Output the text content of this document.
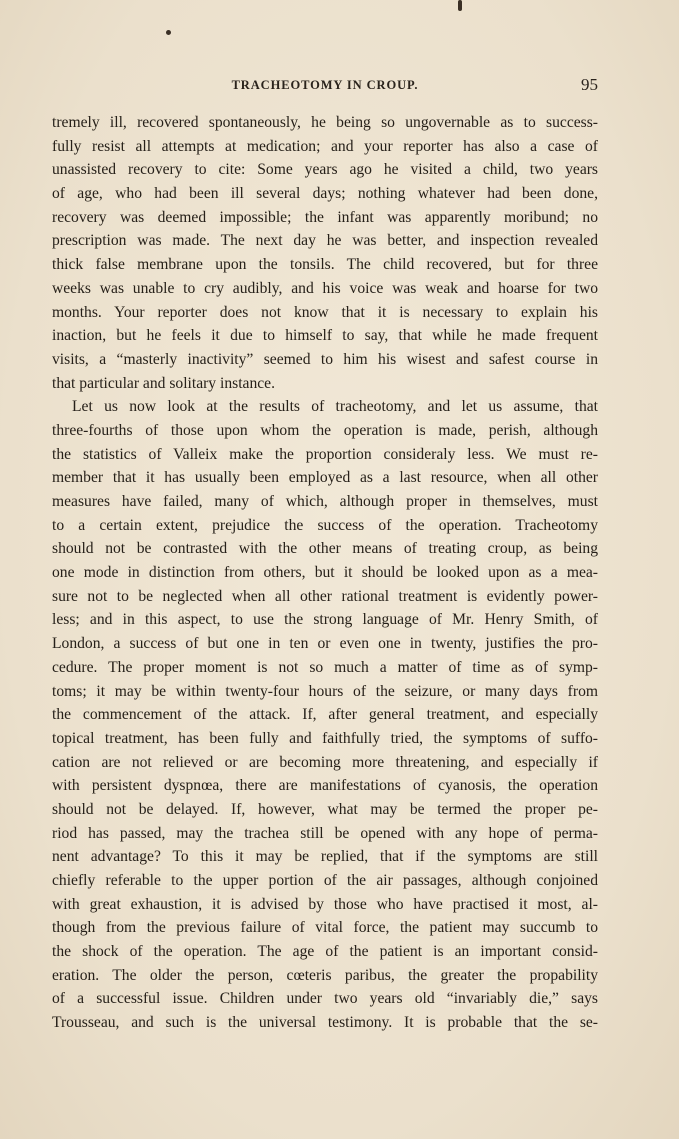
TRACHEOTOMY IN CROUP.	95
tremely ill, recovered spontaneously, he being so ungovernable as to success-
fully resist all attempts at medication; and your reporter has also a case of
unassisted recovery to cite: Some years ago he visited a child, two years
of age, who had been ill several days; nothing whatever had been done,
recovery was deemed impossible; the infant was apparently moribund; no
prescription was made. The next day he was better, and inspection revealed
thick false membrane upon the tonsils. The child recovered, but for three
weeks was unable to cry audibly, and his voice was weak and hoarse for two
months. Your reporter does not know that it is necessary to explain his
inaction, but he feels it due to himself to say, that while he made frequent
visits, a “masterly inactivity” seemed to him his wisest and safest course in
that particular and solitary instance.
Let us now look at the results of tracheotomy, and let us assume, that
three-fourths of those upon whom the operation is made, perish, although
the statistics of Valleix make the proportion consideraly less. We must re-
member that it has usually been employed as a last resource, when all other
measures have failed, many of which, although proper in themselves, must
to a certain extent, prejudice the success of the operation. Tracheotomy
should not be contrasted with the other means of treating croup, as being
one mode in distinction from others, but it should be looked upon as a mea-
sure not to be neglected when all other rational treatment is evidently power-
less; and in this aspect, to use the strong language of Mr. Henry Smith, of
London, a success of but one in ten or even one in twenty, justifies the pro-
cedure. The proper moment is not so much a matter of time as of symp-
toms; it may be within twenty-four hours of the seizure, or many days from
the commencement of the attack. If, after general treatment, and especially
topical treatment, has been fully and faithfully tried, the symptoms of suffo-
cation are not relieved or are becoming more threatening, and especially if
with persistent dyspnœa, there are manifestations of cyanosis, the operation
should not be delayed. If, however, what may be termed the proper pe-
riod has passed, may the trachea still be opened with any hope of perma-
nent advantage? To this it may be replied, that if the symptoms are still
chiefly referable to the upper portion of the air passages, although conjoined
with great exhaustion, it is advised by those who have practised it most, al-
though from the previous failure of vital force, the patient may succumb to
the shock of the operation. The age of the patient is an important consid-
eration. The older the person, cœteris paribus, the greater the propability
of a successful issue. Children under two years old “invariably die,” says
Trousseau, and such is the universal testimony. It is probable that the se-
